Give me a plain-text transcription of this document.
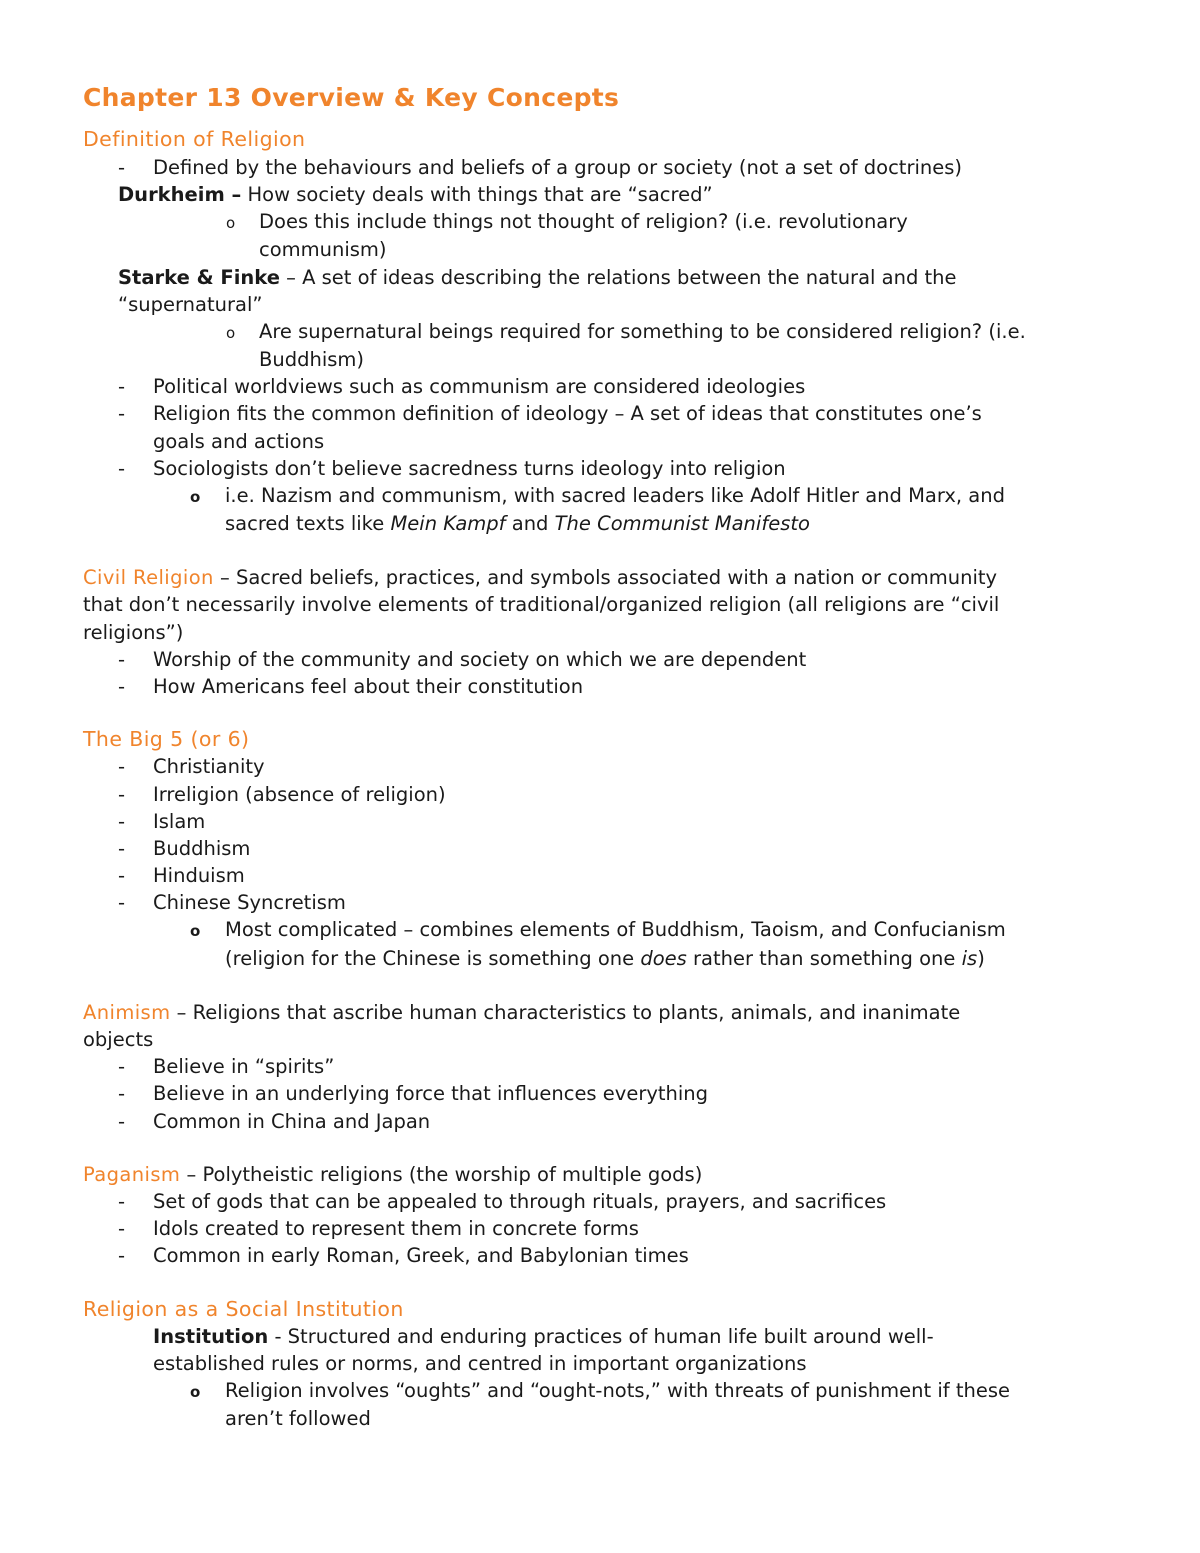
Chapter 13 Overview & Key Concepts
Definition of Religion
- Defined by the behaviours and beliefs of a group or society (not a set of doctrines)
Durkheim – How society deals with things that are “sacred”
o Does this include things not thought of religion? (i.e. revolutionary
communism)
Starke & Finke – A set of ideas describing the relations between the natural and the
“supernatural”
o Are supernatural beings required for something to be considered religion? (i.e.
Buddhism)
- Political worldviews such as communism are considered ideologies
- Religion fits the common definition of ideology – A set of ideas that constitutes one’s
goals and actions
- Sociologists don’t believe sacredness turns ideology into religion
o i.e. Nazism and communism, with sacred leaders like Adolf Hitler and Marx, and
sacred texts like Mein Kampf and The Communist Manifesto
Civil Religion – Sacred beliefs, practices, and symbols associated with a nation or community
that don’t necessarily involve elements of traditional/organized religion (all religions are “civil
religions”)
- Worship of the community and society on which we are dependent
- How Americans feel about their constitution
The Big 5 (or 6)
- Christianity
- Irreligion (absence of religion)
- Islam
- Buddhism
- Hinduism
- Chinese Syncretism
o Most complicated – combines elements of Buddhism, Taoism, and Confucianism
(religion for the Chinese is something one does rather than something one is)
Animism – Religions that ascribe human characteristics to plants, animals, and inanimate
objects
- Believe in “spirits”
- Believe in an underlying force that influences everything
- Common in China and Japan
Paganism – Polytheistic religions (the worship of multiple gods)
- Set of gods that can be appealed to through rituals, prayers, and sacrifices
- Idols created to represent them in concrete forms
- Common in early Roman, Greek, and Babylonian times
Religion as a Social Institution
Institution - Structured and enduring practices of human life built around well-
established rules or norms, and centred in important organizations
o Religion involves “oughts” and “ought-nots,” with threats of punishment if these
aren’t followed
